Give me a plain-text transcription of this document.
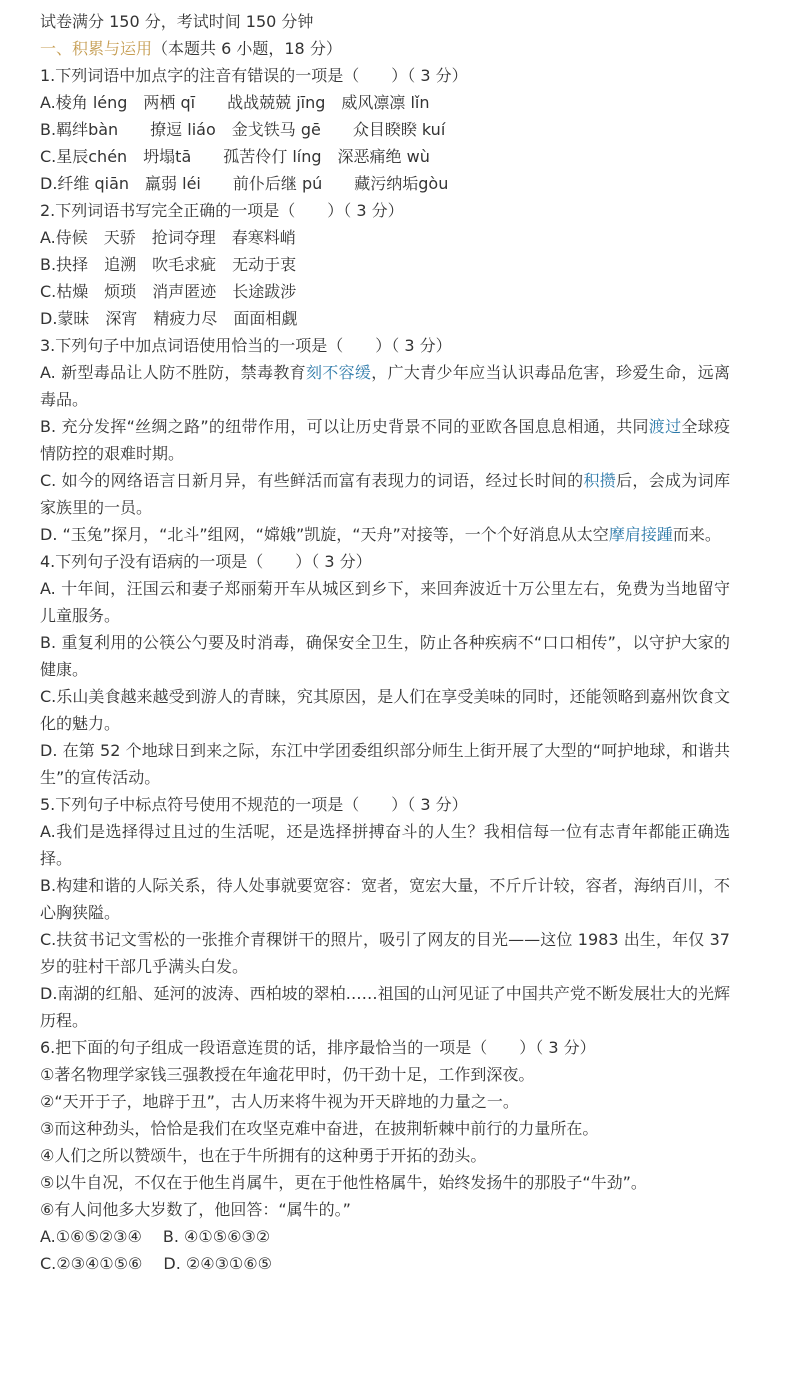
试卷满分 150 分，考试时间 150 分钟
一、积累与运用（本题共 6 小题，18 分）
1.下列词语中加点字的注音有错误的一项是（　　）（ 3 分）
A.棱角 léng　两栖 qī　　战战兢兢 jīng　威风凛凛 lǐn
B.羁绊bàn　　撩逗 liáo　金戈铁马 gē　　众目睽睽 kuí
C.星辰chén　坍塌tā　　孤苦伶仃 líng　深恶痛绝 wù
D.纤维 qiān　羸弱 léi　　前仆后继 pú　　藏污纳垢gòu
2.下列词语书写完全正确的一项是（　　）（ 3 分）
A.侍候　天骄　抢词夺理　春寒料峭
B.抉择　追溯　吹毛求疵　无动于衷
C.枯燥　烦琐　消声匿迹　长途跋涉
D.蒙昧　深宵　精疲力尽　面面相觑
3.下列句子中加点词语使用恰当的一项是（　　）（ 3 分）
A. 新型毒品让人防不胜防，禁毒教育刻不容缓，广大青少年应当认识毒品危害，珍爱生命，远离毒品。
B. 充分发挥“丝绸之路”的纽带作用，可以让历史背景不同的亚欧各国息息相通，共同渡过全球疫情防控的艰难时期。
C. 如今的网络语言日新月异，有些鲜活而富有表现力的词语，经过长时间的积攒后，会成为词库家族里的一员。
D. “玉兔”探月，“北斗”组网，“嫦娥”凯旋，“天舟”对接等，一个个好消息从太空摩肩接踵而来。
4.下列句子没有语病的一项是（　　）（ 3 分）
A. 十年间，汪国云和妻子郑丽菊开车从城区到乡下，来回奔波近十万公里左右，免费为当地留守儿童服务。
B. 重复利用的公筷公勺要及时消毒，确保安全卫生，防止各种疾病不“口口相传”，以守护大家的健康。
C.乐山美食越来越受到游人的青睐，究其原因，是人们在享受美味的同时，还能领略到嘉州饮食文化的魅力。
D. 在第 52 个地球日到来之际，东江中学团委组织部分师生上街开展了大型的“呵护地球，和谐共生”的宣传活动。
5.下列句子中标点符号使用不规范的一项是（　　）（ 3 分）
A.我们是选择得过且过的生活呢，还是选择拼搏奋斗的人生？我相信每一位有志青年都能正确选择。
B.构建和谐的人际关系，待人处事就要宽容：宽者，宽宏大量，不斤斤计较，容者，海纳百川，不心胸狭隘。
C.扶贫书记文雪松的一张推介青稞饼干的照片，吸引了网友的目光——这位 1983 出生，年仅 37 岁的驻村干部几乎满头白发。
D.南湖的红船、延河的波涛、西柏坡的翠柏……祖国的山河见证了中国共产党不断发展壮大的光辉历程。
6.把下面的句子组成一段语意连贯的话，排序最恰当的一项是（　　）（ 3 分）
①著名物理学家钱三强教授在年逾花甲时，仍干劲十足，工作到深夜。
②“天开于子，地辟于丑”，古人历来将牛视为开天辟地的力量之一。
③而这种劲头，恰恰是我们在攻坚克难中奋进，在披荆斩棘中前行的力量所在。
④人们之所以赞颂牛，也在于牛所拥有的这种勇于开拓的劲头。
⑤以牛自况，不仅在于他生肖属牛，更在于他性格属牛，始终发扬牛的那股子“牛劲”。
⑥有人问他多大岁数了，他回答：“属牛的。”
A.①⑥⑤②③④　 B. ④①⑤⑥③②
C.②③④①⑤⑥　 D. ②④③①⑥⑤
